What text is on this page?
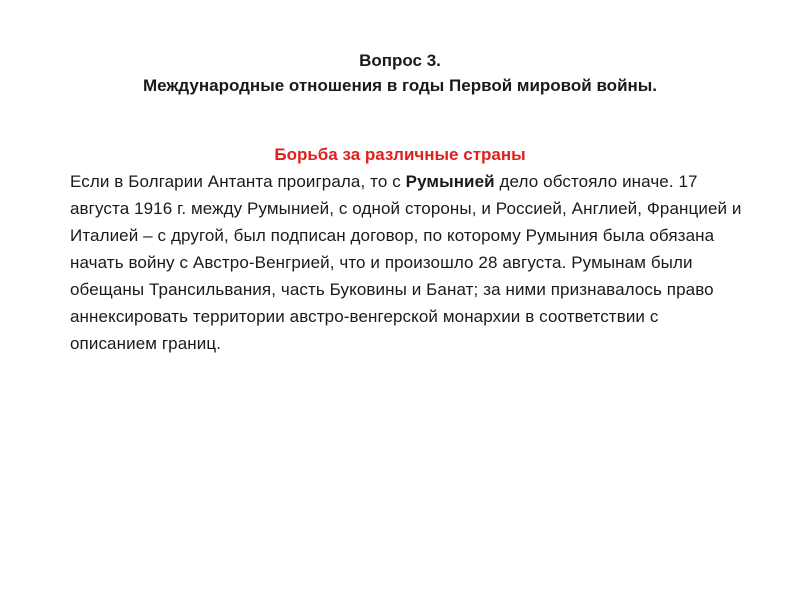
Вопрос 3.
Международные отношения в годы Первой мировой войны.
Борьба за различные страны
Если в Болгарии Антанта проиграла, то с Румынией дело обстояло иначе. 17 августа 1916 г. между Румынией, с одной стороны, и Россией, Англией, Францией и Италией – с другой, был подписан договор, по которому Румыния была обязана начать войну с Австро-Венгрией, что и произошло 28 августа. Румынам были обещаны Трансильвания, часть Буковины и Банат; за ними признавалось право аннексировать территории австро-венгерской монархии в соответствии с описанием границ.
